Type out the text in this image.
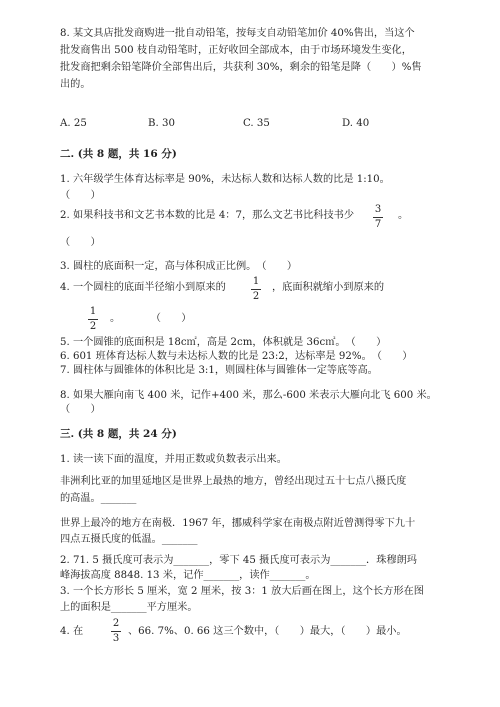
8. 某文具店批发商购进一批自动铅笔，按每支自动铅笔加价 40%售出，当这个
批发商售出 500 枝自动铅笔时，正好收回全部成本，由于市场环境发生变化，
批发商把剩余铅笔降价全部售出后，共获利 30%，剩余的铅笔是降（　　）%售
出的。
A. 25	B. 30	C. 35	D. 40
二. (共 8 题，共 16 分)
1. 六年级学生体育达标率是 90%，未达标人数和达标人数的比是 1:10。
（　　）
2. 如果科技书和文艺书本数的比是 4：7，那么文艺书比科技书少
3
7
。
（　　）
3. 圆柱的底面积一定，高与体积成正比例。　（　　）
4. 一个圆柱的底面半径缩小到原来的
1
2
，底面积就缩小到原来的
1
2
。　　　　（　　）
5. 一个圆锥的底面积是 18c㎡，高是 2cm，体积就是 36c㎡。　（　　）
6. 601 班体育达标人数与未达标人数的比是 23:2，达标率是 92%。　（　　）
7. 圆柱体与圆锥体的体积比是 3:1，则圆柱体与圆锥体一定等底等高。
8. 如果大雁向南飞 400 米，记作+400 米，那么-600 米表示大雁向北飞 600 米。
（　　）
三. (共 8 题，共 24 分)
1. 读一读下面的温度，并用正数或负数表示出来。
非洲利比亚的加里延地区是世界上最热的地方，曾经出现过五十七点八摄氏度
的高温。_______
世界上最冷的地方在南极．1967 年，挪威科学家在南极点附近曾测得零下九十
四点五摄氏度的低温。_______
2. 71. 5 摄氏度可表示为_______，零下 45 摄氏度可表示为_______．珠穆朗玛
峰海拔高度 8848. 13 米，记作_______，读作_______。
3. 一个长方形长 5 厘米，宽 2 厘米，按 3：1 放大后画在图上，这个长方形在图
上的面积是_______平方厘米。
4. 在
2
3
、66. 7%、0. 66 这三个数中，（　　）最大，（　　）最小。
